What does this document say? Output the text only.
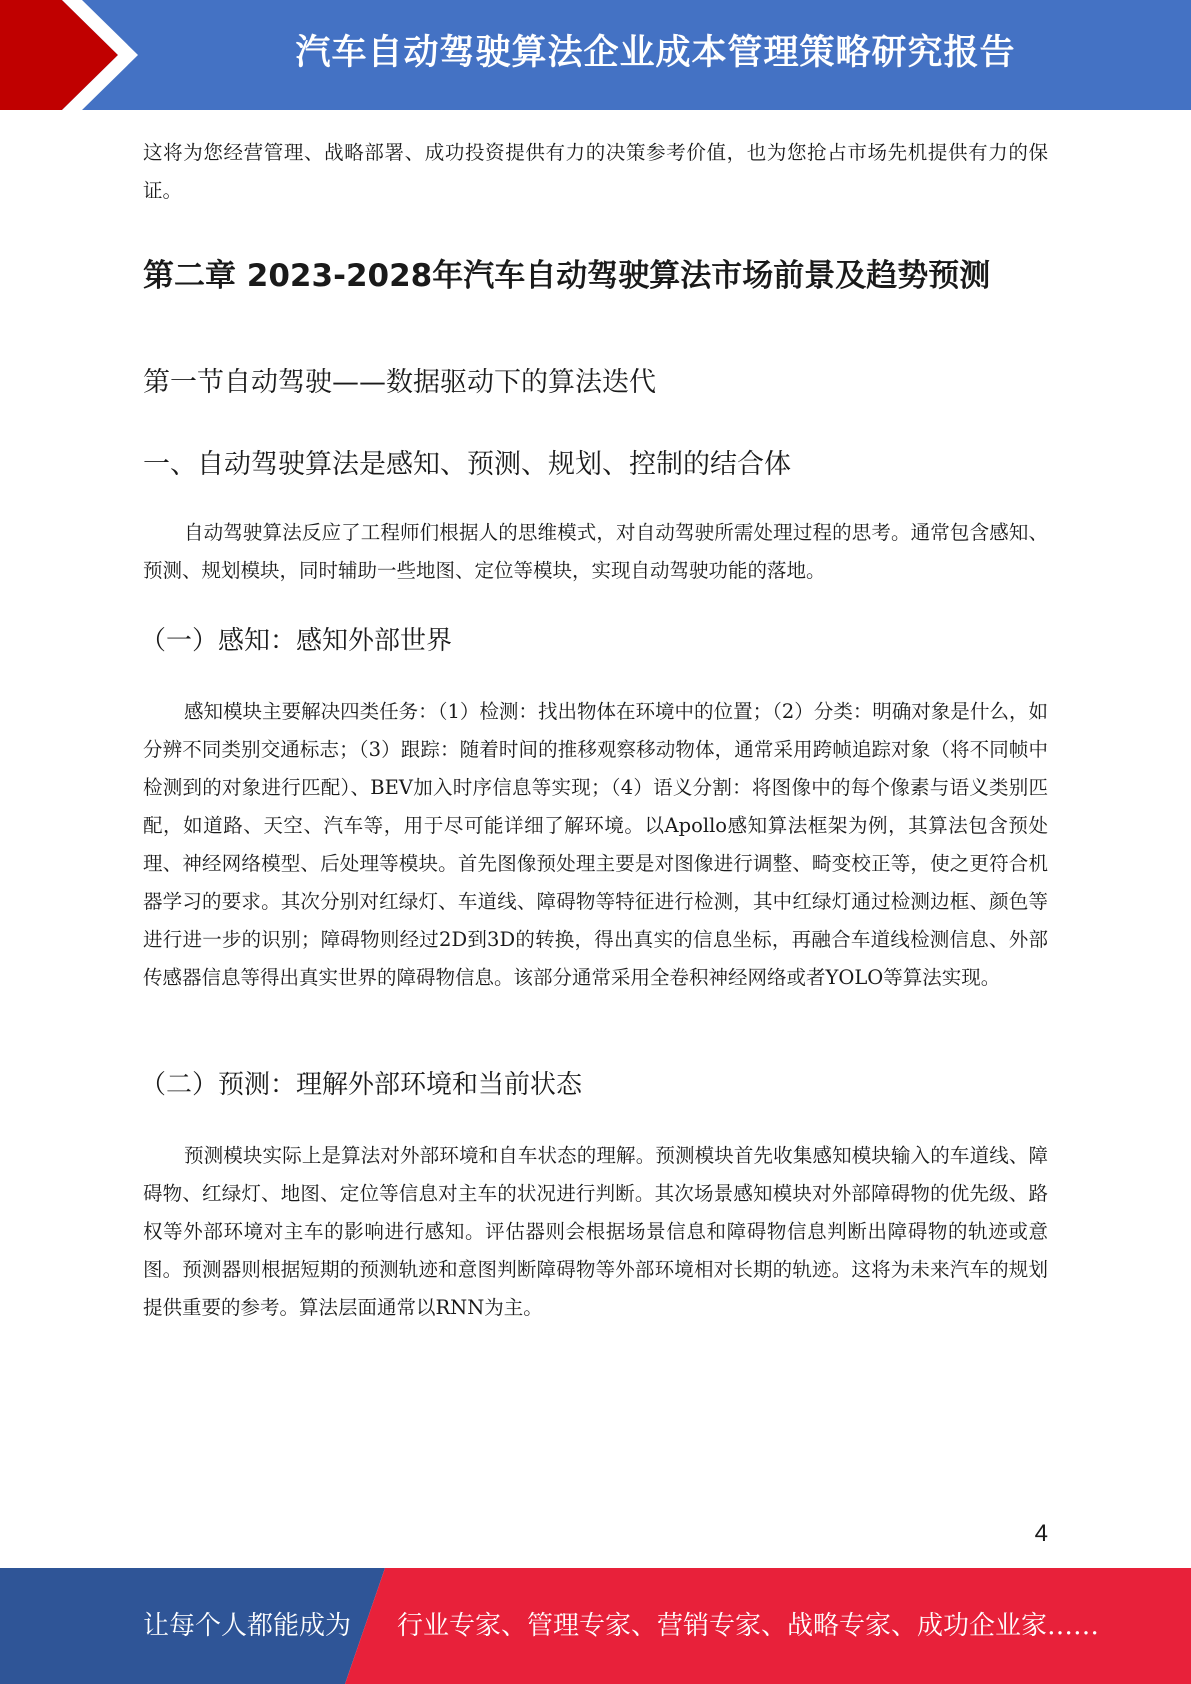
汽车自动驾驶算法企业成本管理策略研究报告

这将为您经营管理、战略部署、成功投资提供有力的决策参考价值，也为您抢占市场先机提供有力的保证。

第二章 2023-2028年汽车自动驾驶算法市场前景及趋势预测
第一节自动驾驶——数据驱动下的算法迭代
一、自动驾驶算法是感知、预测、规划、控制的结合体

自动驾驶算法反应了工程师们根据人的思维模式，对自动驾驶所需处理过程的思考。通常包含感知、预测、规划模块，同时辅助一些地图、定位等模块，实现自动驾驶功能的落地。

（一）感知：感知外部世界

感知模块主要解决四类任务：（1）检测：找出物体在环境中的位置；（2）分类：明确对象是什么，如分辨不同类别交通标志；（3）跟踪：随着时间的推移观察移动物体，通常采用跨帧追踪对象（将不同帧中检测到的对象进行匹配）、BEV加入时序信息等实现；（4）语义分割：将图像中的每个像素与语义类别匹配，如道路、天空、汽车等，用于尽可能详细了解环境。以Apollo感知算法框架为例，其算法包含预处理、神经网络模型、后处理等模块。首先图像预处理主要是对图像进行调整、畸变校正等，使之更符合机器学习的要求。其次分别对红绿灯、车道线、障碍物等特征进行检测，其中红绿灯通过检测边框、颜色等进行进一步的识别；障碍物则经过2D到3D的转换，得出真实的信息坐标，再融合车道线检测信息、外部传感器信息等得出真实世界的障碍物信息。该部分通常采用全卷积神经网络或者YOLO等算法实现。

（二）预测：理解外部环境和当前状态

预测模块实际上是算法对外部环境和自车状态的理解。预测模块首先收集感知模块输入的车道线、障碍物、红绿灯、地图、定位等信息对主车的状况进行判断。其次场景感知模块对外部障碍物的优先级、路权等外部环境对主车的影响进行感知。评估器则会根据场景信息和障碍物信息判断出障碍物的轨迹或意图。预测器则根据短期的预测轨迹和意图判断障碍物等外部环境相对长期的轨迹。这将为未来汽车的规划提供重要的参考。算法层面通常以RNN为主。

4
让每个人都能成为 行业专家、管理专家、营销专家、战略专家、成功企业家……
